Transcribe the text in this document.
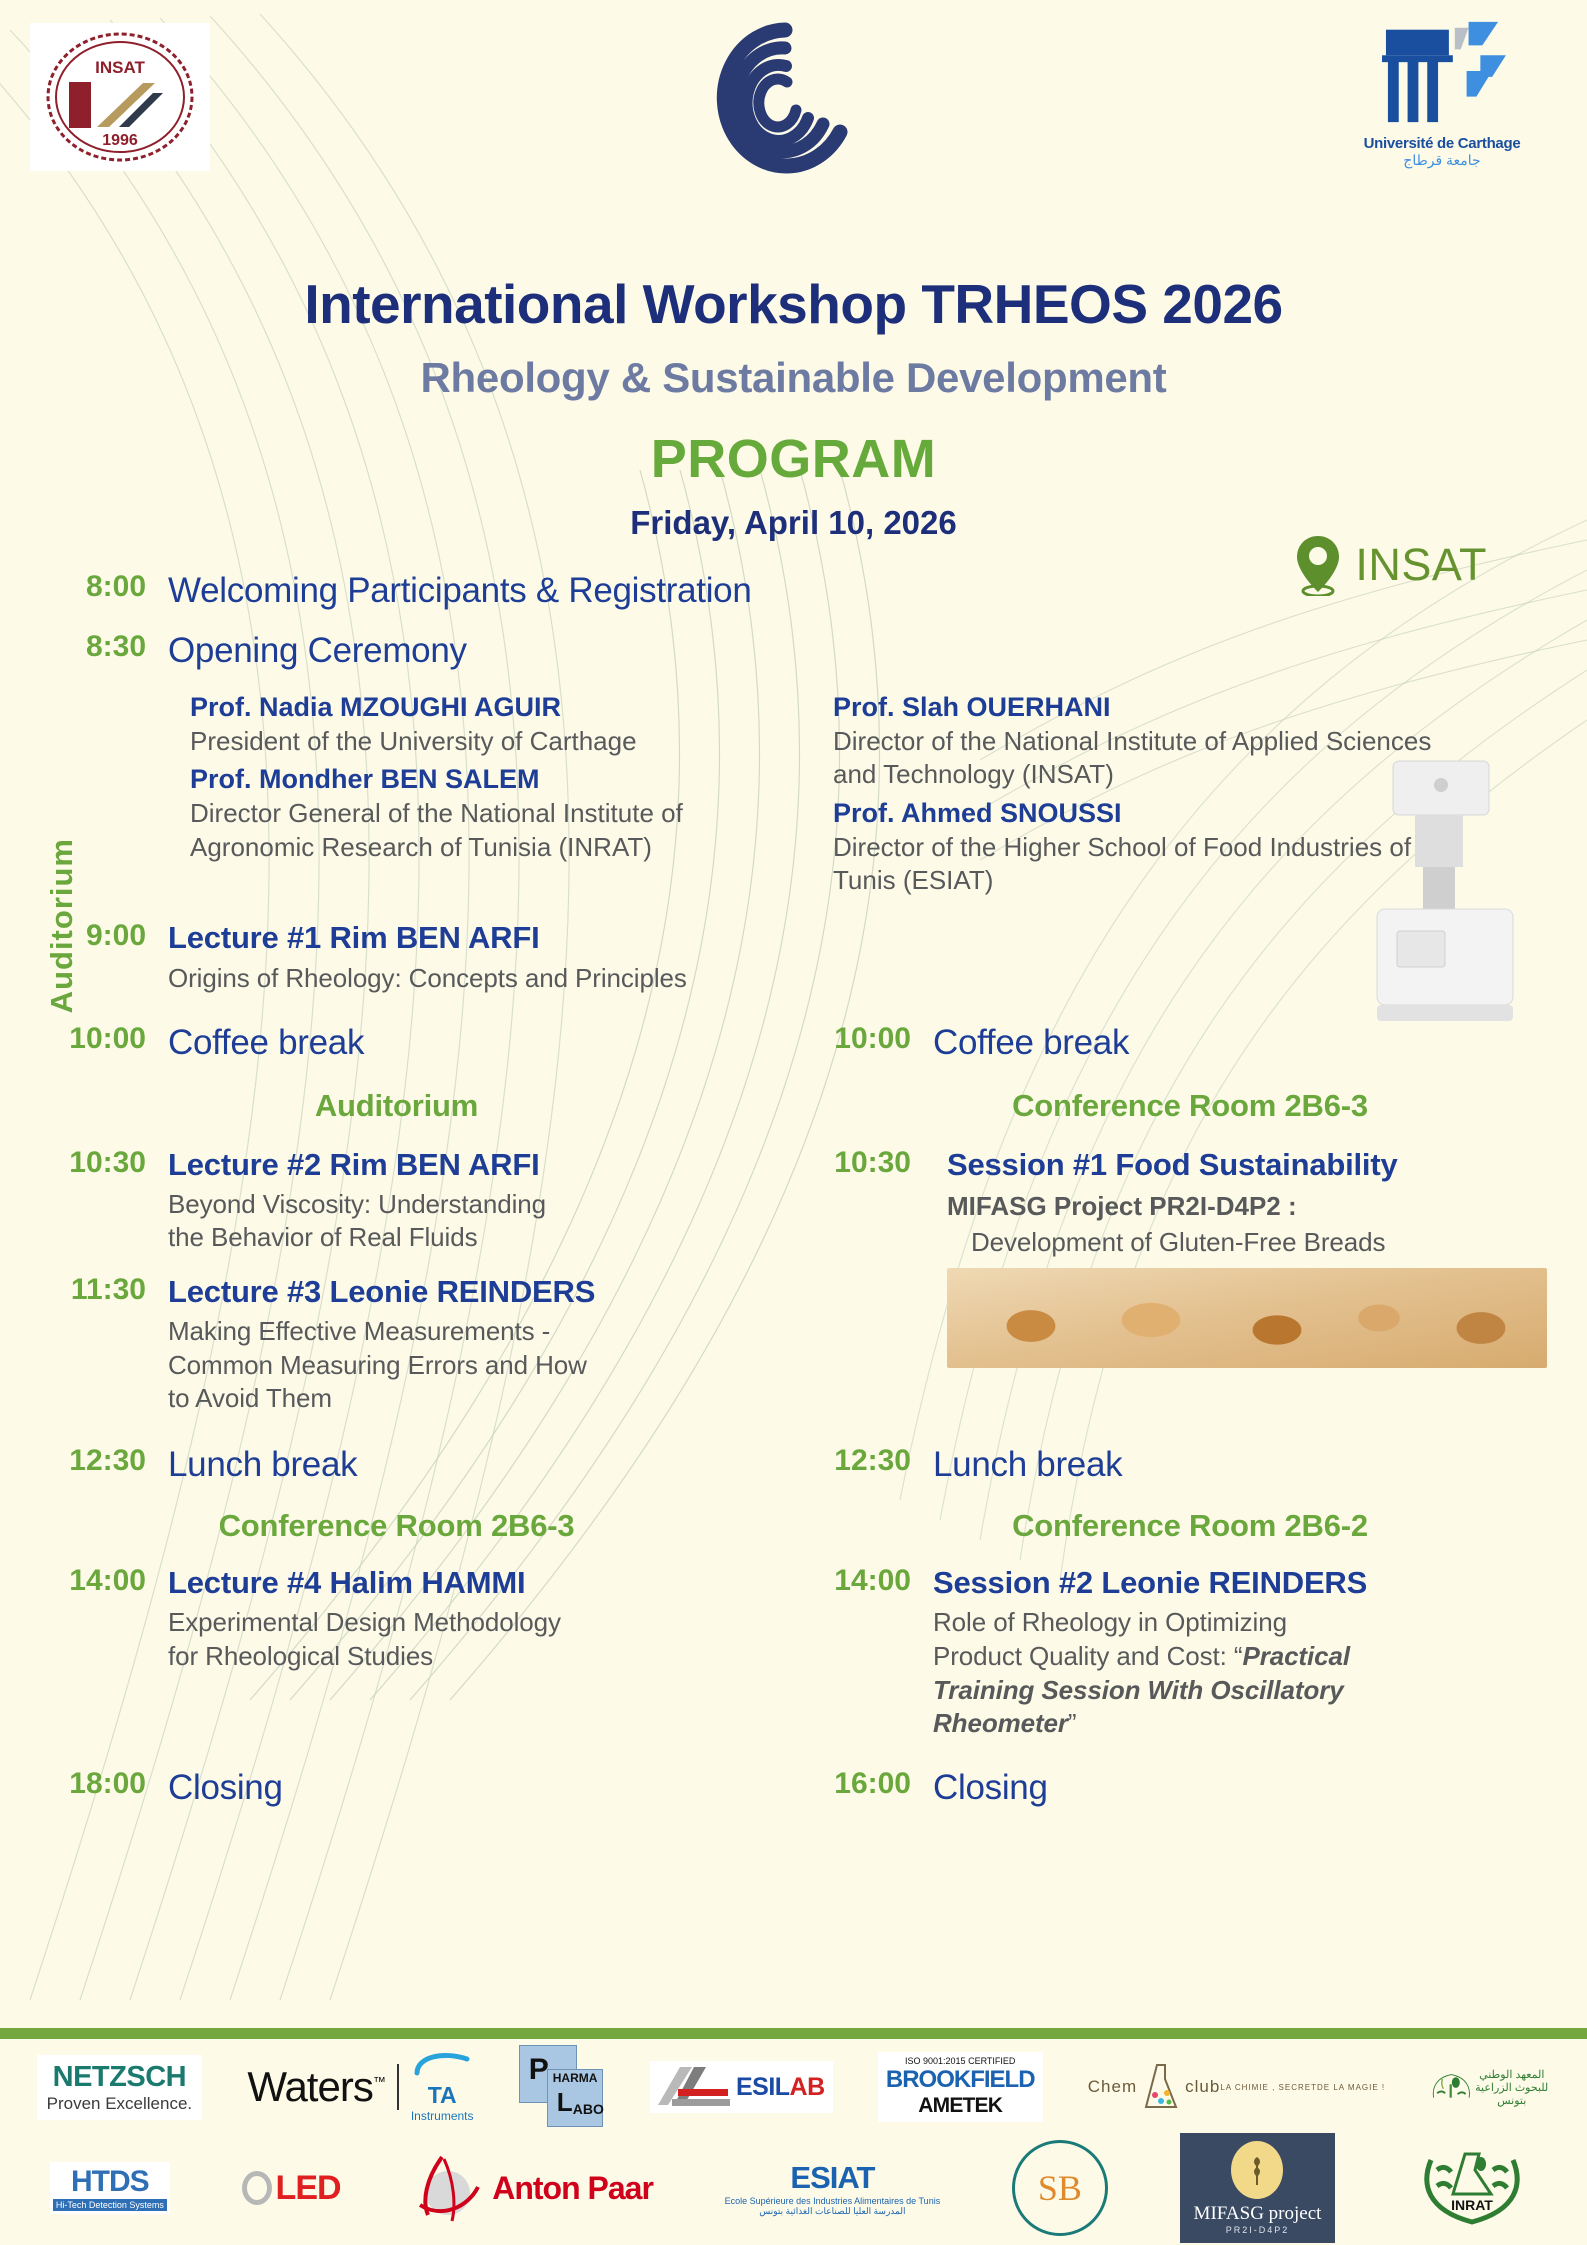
INSAT
1996	Université de Carthage
جامعة قرطاج
International Workshop TRHEOS 2026
Rheology & Sustainable Development
PROGRAM
Friday, April 10, 2026
INSAT
Auditorium
8:00 Welcoming Participants & Registration
8:30 Opening Ceremony
Prof. Nadia MZOUGHI AGUIR
President of the University of Carthage
Prof. Mondher BEN SALEM
Director General of the National Institute of Agronomic Research of Tunisia (INRAT)
Prof. Slah OUERHANI
Director of the National Institute of Applied Sciences and Technology (INSAT)
Prof. Ahmed SNOUSSI
Director of the Higher School of Food Industries of Tunis (ESIAT)
9:00 Lecture #1 Rim BEN ARFI
Origins of Rheology: Concepts and Principles
10:00 Coffee break	10:00 Coffee break
Auditorium	Conference Room 2B6-3
10:30 Lecture #2 Rim BEN ARFI
Beyond Viscosity: Understanding the Behavior of Real Fluids
11:30 Lecture #3 Leonie REINDERS
Making Effective Measurements - Common Measuring Errors and How to Avoid Them
10:30	Session #1 Food Sustainability
MIFASG Project PR2I-D4P2 :
Development of Gluten-Free Breads
12:30 Lunch break	12:30 Lunch break
Conference Room 2B6-3	Conference Room 2B6-2
14:00 Lecture #4 Halim HAMMI
Experimental Design Methodology for Rheological Studies
14:00 Session #2 Leonie REINDERS
Role of Rheology in Optimizing Product Quality and Cost: “Practical Training Session With Oscillatory Rheometer”
18:00 Closing	16:00 Closing
NETZSCH
Proven Excellence. Waters™
TA
Instruments
P HARMA
L ABO
ESILAB
ISO 9001:2015 CERTIFIED
BROOKFIELD
AMETEK
Chem	club LA CHIMIE , SECRET DE LA MAGIE !
المعهد الوطني للبحوث الزراعية بتونس
HTDS
Hi-Tech Detection Systems	LED	Anton Paar	ESIAT
Ecole Supérieure des Industries Alimentaires de Tunis
المدرسة العليا للصناعات الغذائية بتونس
SB
MIFASG project
PR2I-D4P2
INRAT
